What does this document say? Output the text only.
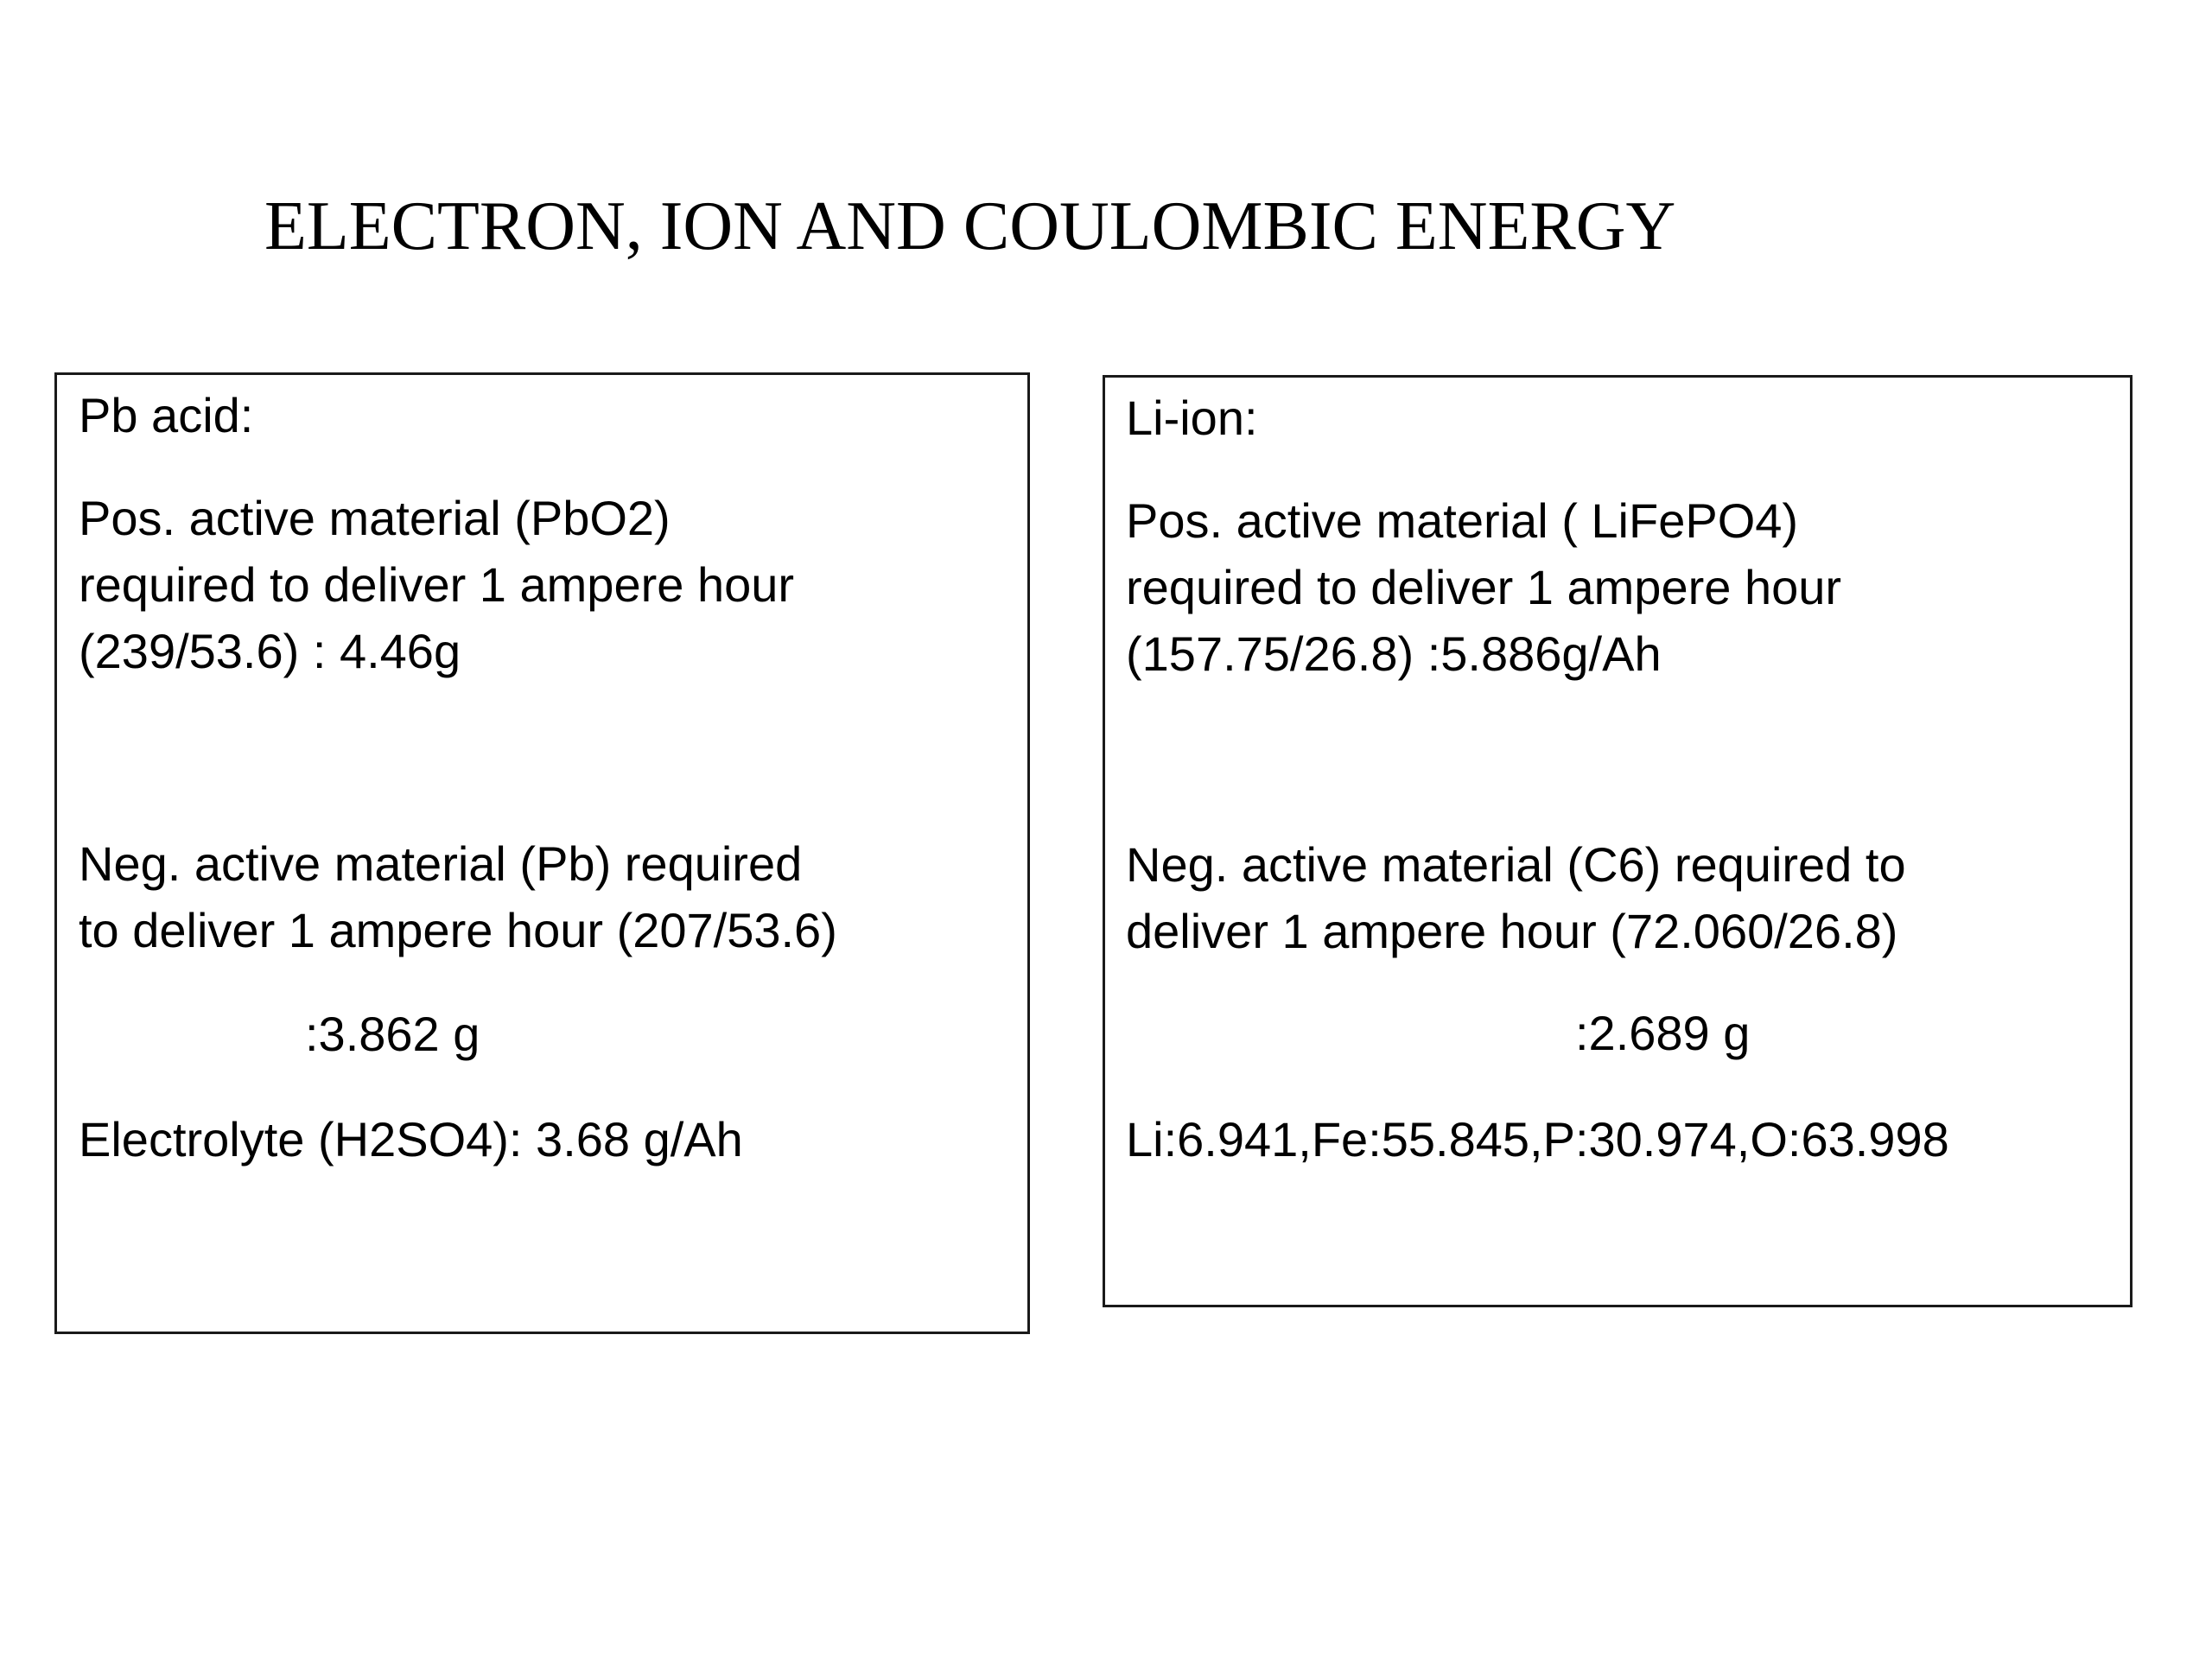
ELECTRON, ION AND COULOMBIC ENERGY
Pb acid:
Pos. active material (PbO2)
required to deliver 1 ampere hour
(239/53.6) : 4.46g
Neg. active material (Pb) required
to deliver 1 ampere hour (207/53.6)
:3.862 g
Electrolyte (H2SO4): 3.68 g/Ah
Li-ion:
Pos. active material ( LiFePO4)
required to deliver 1 ampere hour
(157.75/26.8) :5.886g/Ah
Neg. active material (C6) required to
deliver 1 ampere hour (72.060/26.8)
:2.689 g
Li:6.941,Fe:55.845,P:30.974,O:63.998
